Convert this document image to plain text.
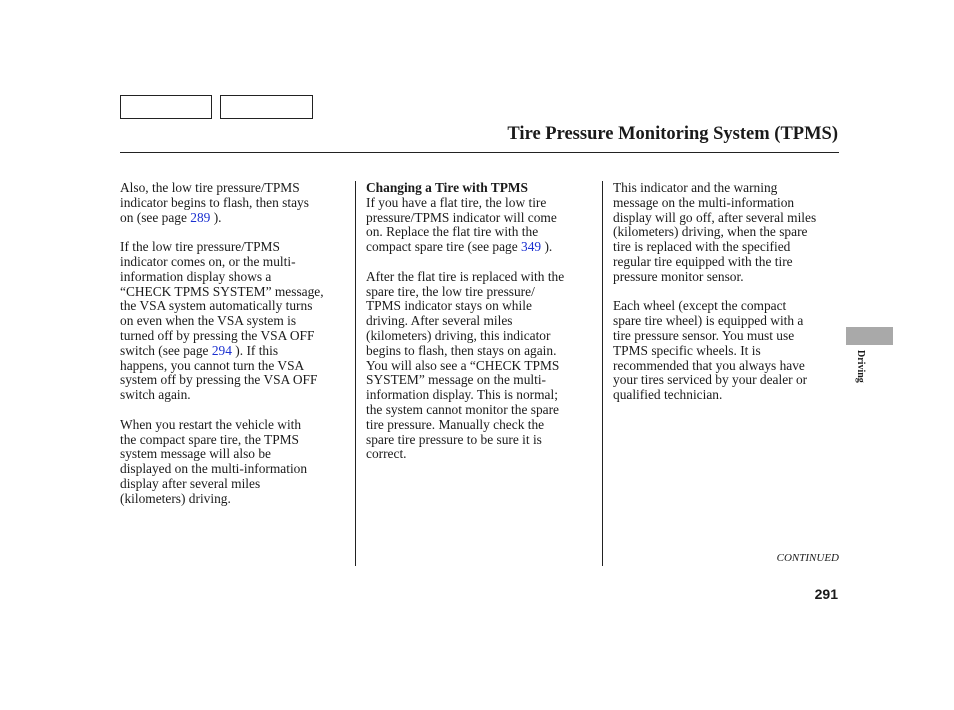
Tire Pressure Monitoring System (TPMS)

Also, the low tire pressure/TPMS
indicator begins to flash, then stays
on (see page 289 ).

If the low tire pressure/TPMS
indicator comes on, or the multi-
information display shows a
“CHECK TPMS SYSTEM” message,
the VSA system automatically turns
on even when the VSA system is
turned off by pressing the VSA OFF
switch (see page 294 ). If this
happens, you cannot turn the VSA
system off by pressing the VSA OFF
switch again.

When you restart the vehicle with
the compact spare tire, the TPMS
system message will also be
displayed on the multi-information
display after several miles
(kilometers) driving.

Changing a Tire with TPMS
If you have a flat tire, the low tire
pressure/TPMS indicator will come
on. Replace the flat tire with the
compact spare tire (see page 349 ).

After the flat tire is replaced with the
spare tire, the low tire pressure/
TPMS indicator stays on while
driving. After several miles
(kilometers) driving, this indicator
begins to flash, then stays on again.
You will also see a “CHECK TPMS
SYSTEM” message on the multi-
information display. This is normal;
the system cannot monitor the spare
tire pressure. Manually check the
spare tire pressure to be sure it is
correct.

This indicator and the warning
message on the multi-information
display will go off, after several miles
(kilometers) driving, when the spare
tire is replaced with the specified
regular tire equipped with the tire
pressure monitor sensor.

Each wheel (except the compact
spare tire wheel) is equipped with a
tire pressure sensor. You must use
TPMS specific wheels. It is
recommended that you always have
your tires serviced by your dealer or
qualified technician.

Driving
CONTINUED
291
